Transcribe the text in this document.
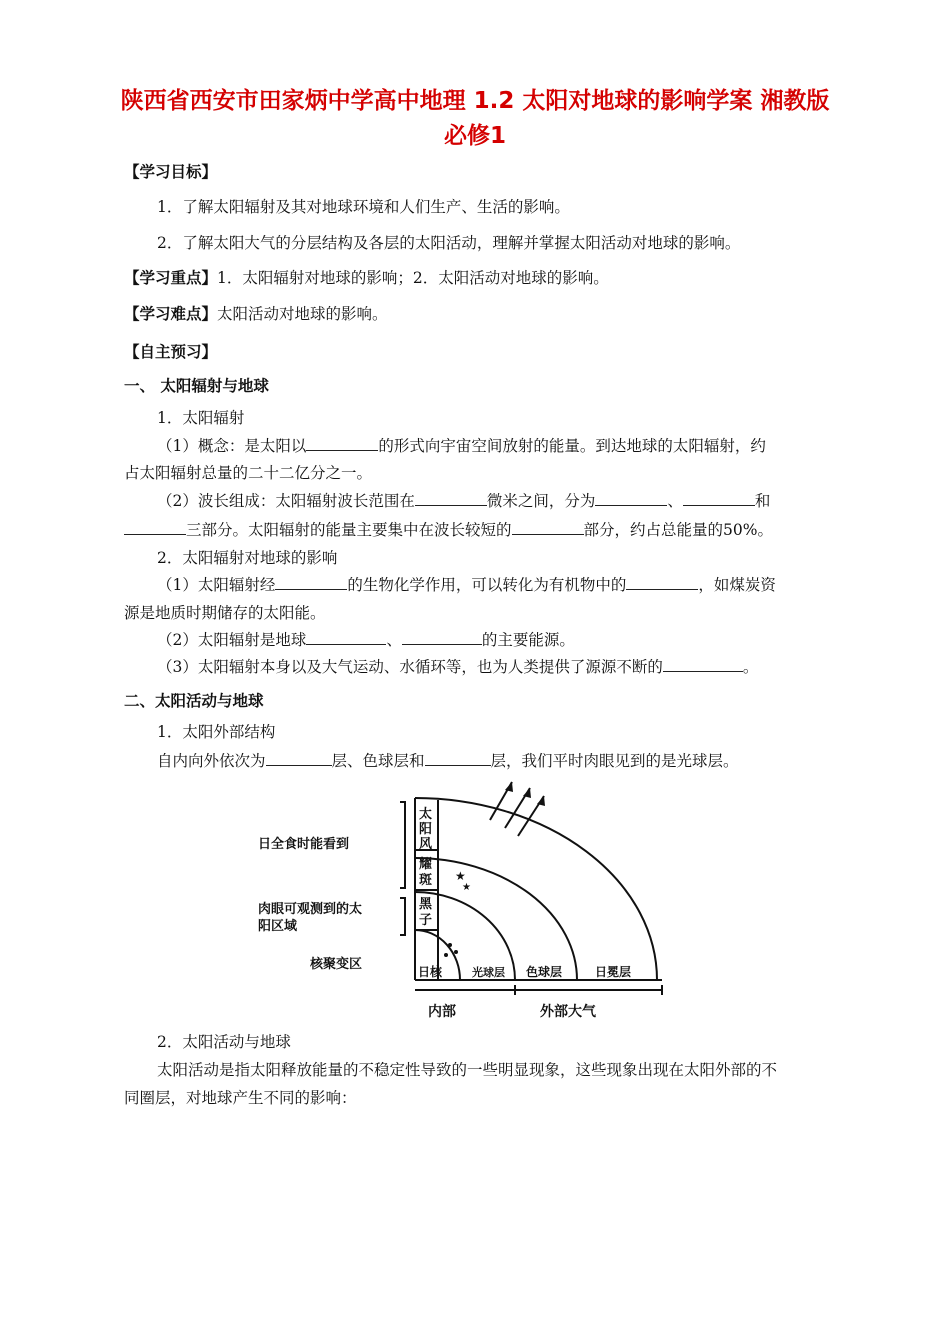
陕西省西安市田家炳中学高中地理 1.2 太阳对地球的影响学案 湘教版
必修1
【学习目标】
1．了解太阳辐射及其对地球环境和人们生产、生活的影响。
2．了解太阳大气的分层结构及各层的太阳活动，理解并掌握太阳活动对地球的影响。
【学习重点】1．太阳辐射对地球的影响；2．太阳活动对地球的影响。
【学习难点】太阳活动对地球的影响。
【自主预习】
一、 太阳辐射与地球
1．太阳辐射
（1）概念：是太阳以	的形式向宇宙空间放射的能量。到达地球的太阳辐射，约
占太阳辐射总量的二十二亿分之一。
（2）波长组成：太阳辐射波长范围在	微米之间，分为	、	和
三部分。太阳辐射的能量主要集中在波长较短的	部分，约占总能量的50%。
2．太阳辐射对地球的影响
（1）太阳辐射经	的生物化学作用，可以转化为有机物中的	，如煤炭资
源是地质时期储存的太阳能。
（2）太阳辐射是地球	、	的主要能源。
（3）太阳辐射本身以及大气运动、水循环等，也为人类提供了源源不断的	。
二、太阳活动与地球
1．太阳外部结构
自内向外依次为	层、色球层和	层，我们平时肉眼见到的是光球层。
★
★
日全食时能看到
肉眼可观测到的太
阳区域
核聚变区
太
阳
风
耀
斑
黑
子
日核	光球层 色球层	日冕层
内部	外部大气
2．太阳活动与地球
太阳活动是指太阳释放能量的不稳定性导致的一些明显现象，这些现象出现在太阳外部的不
同圈层，对地球产生不同的影响：
